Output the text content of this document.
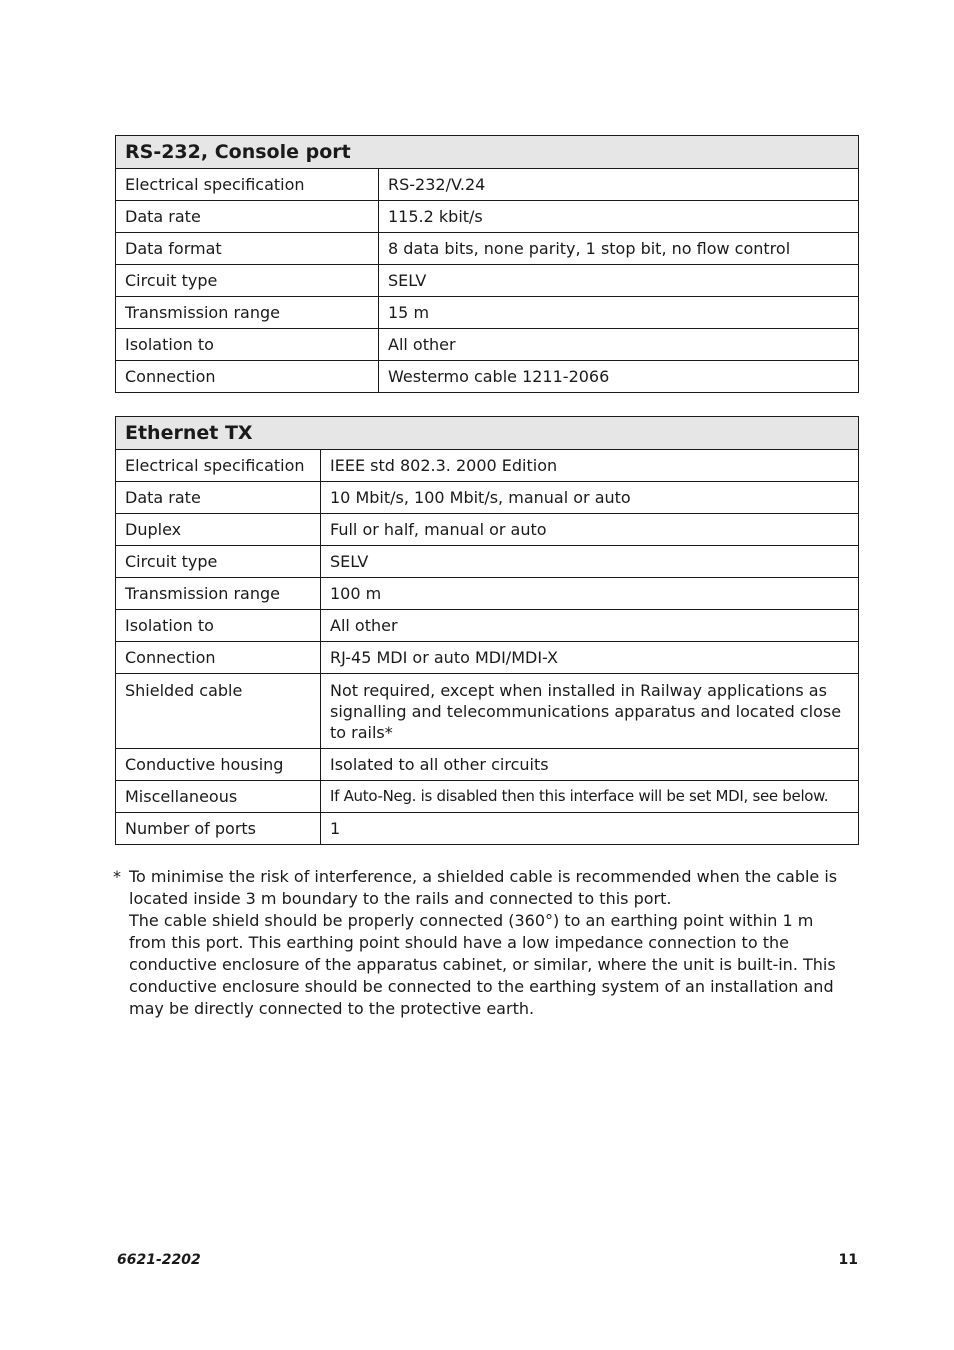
RS-232, Console port	
Electrical specification	RS-232/V.24
Data rate	115.2 kbit/s
Data format	8 data bits, none parity, 1 stop bit, no flow control
Circuit type	SELV
Transmission range	15 m
Isolation to	All other
Connection	Westermo cable 1211-2066
Ethernet TX	
Electrical specification	IEEE std 802.3. 2000 Edition
Data rate	10 Mbit/s, 100 Mbit/s, manual or auto
Duplex	Full or half, manual or auto
Circuit type	SELV
Transmission range	100 m
Isolation to	All other
Connection	RJ-45 MDI or auto MDI/MDI-X
Shielded cable	Not required, except when installed in Railway applications as signalling and telecommunications apparatus and located close to rails*
Conductive housing	Isolated to all other circuits
Miscellaneous	If Auto-Neg. is disabled then this interface will be set MDI, see below.
Number of ports	1
* To minimise the risk of interference, a shielded cable is recommended when the cable is located inside 3 m boundary to the rails and connected to this port.

The cable shield should be properly connected (360°) to an earthing point within 1 m from this port. This earthing point should have a low impedance connection to the conductive enclosure of the apparatus cabinet, or similar, where the unit is built-in. This conductive enclosure should be connected to the earthing system of an installation and may be directly connected to the protective earth.

6621-2202	11
